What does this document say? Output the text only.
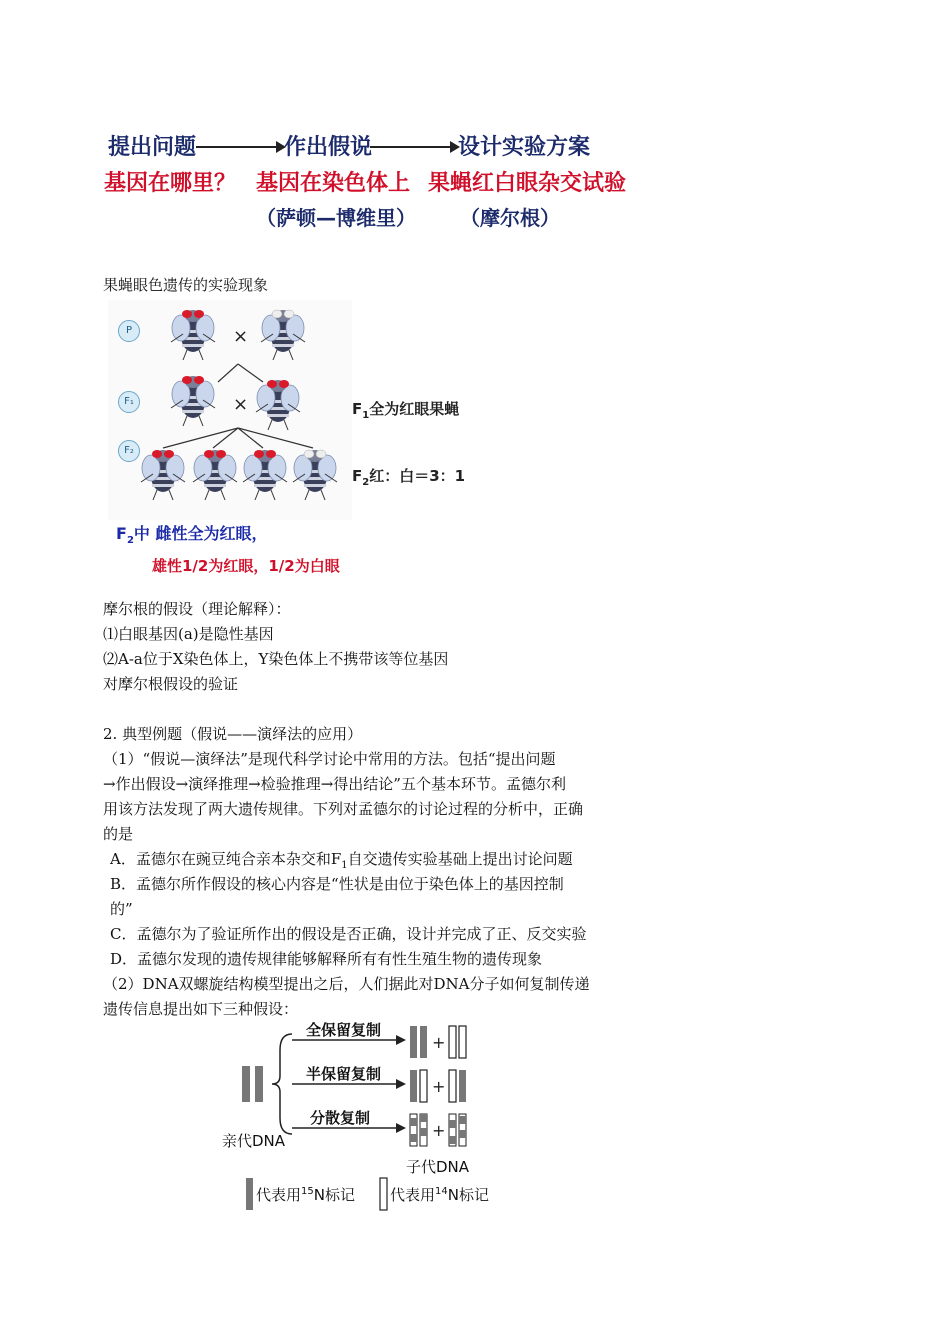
提出问题	作出假说	设计实验方案
基因在哪里？ 基因在染色体上 果蝇红白眼杂交试验
（萨顿—博维里） （摩尔根）
果蝇眼色遗传的实验现象
P
F₁
F₂
×
×	$F_1$全为红眼果蝇
$F_2$红：白＝3：1
$F_2$中 雌性全为红眼，
雄性1/2为红眼，1/2为白眼
摩尔根的假设（理论解释）：
⑴白眼基因(a)是隐性基因
⑵A-a位于X染色体上，Y染色体上不携带该等位基因
对摩尔根假设的验证
2. 典型例题（假说——演绎法的应用）
（1）“假说—演绎法”是现代科学讨论中常用的方法。包括“提出问题
→作出假设→演绎推理→检验推理→得出结论”五个基本环节。孟德尔利
用该方法发现了两大遗传规律。下列对孟德尔的讨论过程的分析中，正确
的是
A．孟德尔在豌豆纯合亲本杂交和$F_1$自交遗传实验基础上提出讨论问题
B．孟德尔所作假设的核心内容是“性状是由位于染色体上的基因控制
的”
C．孟德尔为了验证所作出的假设是否正确，设计并完成了正、反交实验
D．孟德尔发现的遗传规律能够解释所有有性生殖生物的遗传现象
（2）DNA双螺旋结构模型提出之后，人们据此对DNA分子如何复制传递
遗传信息提出如下三种假设：
+
+
+
全保留复制
半保留复制
分散复制
亲代DNA
子代DNA
代表用$^{15}$N标记 代表用$^{14}$N标记
